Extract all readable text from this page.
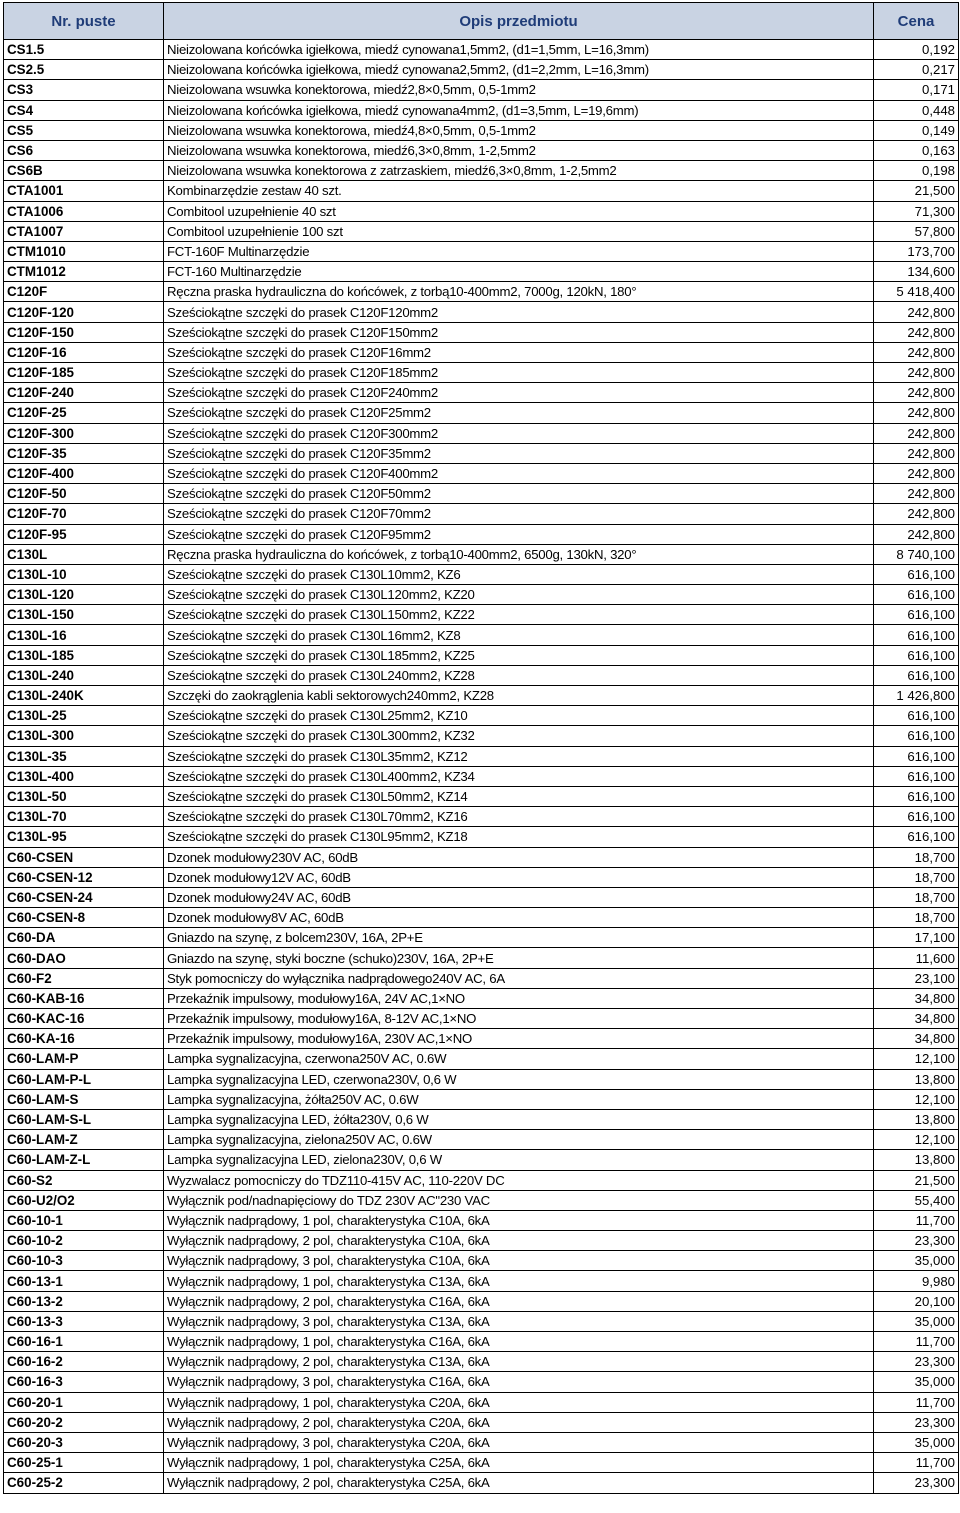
Nr. puste	Opis przedmiotu	Cena
CS1.5	Nieizolowana końcówka igiełkowa, miedź cynowana1,5mm2, (d1=1,5mm, L=16,3mm)	0,192
CS2.5	Nieizolowana końcówka igiełkowa, miedź cynowana2,5mm2, (d1=2,2mm, L=16,3mm)	0,217
CS3	Nieizolowana wsuwka konektorowa, miedź2,8×0,5mm, 0,5-1mm2	0,171
CS4	Nieizolowana końcówka igiełkowa, miedź cynowana4mm2, (d1=3,5mm, L=19,6mm)	0,448
CS5	Nieizolowana wsuwka konektorowa, miedź4,8×0,5mm, 0,5-1mm2	0,149
CS6	Nieizolowana wsuwka konektorowa, miedź6,3×0,8mm, 1-2,5mm2	0,163
CS6B	Nieizolowana wsuwka konektorowa z zatrzaskiem, miedź6,3×0,8mm, 1-2,5mm2	0,198
CTA1001	Kombinarzędzie zestaw 40 szt.	21,500
CTA1006	Combitool uzupełnienie 40 szt	71,300
CTA1007	Combitool uzupełnienie 100 szt	57,800
CTM1010	FCT-160F Multinarzędzie	173,700
CTM1012	FCT-160 Multinarzędzie	134,600
C120F	Ręczna praska hydrauliczna do końcówek, z torbą10-400mm2, 7000g, 120kN, 180°	5 418,400
C120F-120	Sześciokątne szczęki do prasek C120F120mm2	242,800
C120F-150	Sześciokątne szczęki do prasek C120F150mm2	242,800
C120F-16	Sześciokątne szczęki do prasek C120F16mm2	242,800
C120F-185	Sześciokątne szczęki do prasek C120F185mm2	242,800
C120F-240	Sześciokątne szczęki do prasek C120F240mm2	242,800
C120F-25	Sześciokątne szczęki do prasek C120F25mm2	242,800
C120F-300	Sześciokątne szczęki do prasek C120F300mm2	242,800
C120F-35	Sześciokątne szczęki do prasek C120F35mm2	242,800
C120F-400	Sześciokątne szczęki do prasek C120F400mm2	242,800
C120F-50	Sześciokątne szczęki do prasek C120F50mm2	242,800
C120F-70	Sześciokątne szczęki do prasek C120F70mm2	242,800
C120F-95	Sześciokątne szczęki do prasek C120F95mm2	242,800
C130L	Ręczna praska hydrauliczna do końcówek, z torbą10-400mm2, 6500g, 130kN, 320°	8 740,100
C130L-10	Sześciokątne szczęki do prasek C130L10mm2, KZ6	616,100
C130L-120	Sześciokątne szczęki do prasek C130L120mm2, KZ20	616,100
C130L-150	Sześciokątne szczęki do prasek C130L150mm2, KZ22	616,100
C130L-16	Sześciokątne szczęki do prasek C130L16mm2, KZ8	616,100
C130L-185	Sześciokątne szczęki do prasek C130L185mm2, KZ25	616,100
C130L-240	Sześciokątne szczęki do prasek C130L240mm2, KZ28	616,100
C130L-240K	Szczęki do zaokrąglenia kabli sektorowych240mm2, KZ28	1 426,800
C130L-25	Sześciokątne szczęki do prasek C130L25mm2, KZ10	616,100
C130L-300	Sześciokątne szczęki do prasek C130L300mm2, KZ32	616,100
C130L-35	Sześciokątne szczęki do prasek C130L35mm2, KZ12	616,100
C130L-400	Sześciokątne szczęki do prasek C130L400mm2, KZ34	616,100
C130L-50	Sześciokątne szczęki do prasek C130L50mm2, KZ14	616,100
C130L-70	Sześciokątne szczęki do prasek C130L70mm2, KZ16	616,100
C130L-95	Sześciokątne szczęki do prasek C130L95mm2, KZ18	616,100
C60-CSEN	Dzonek modułowy230V AC, 60dB	18,700
C60-CSEN-12	Dzonek modułowy12V AC, 60dB	18,700
C60-CSEN-24	Dzonek modułowy24V AC, 60dB	18,700
C60-CSEN-8	Dzonek modułowy8V AC, 60dB	18,700
C60-DA	Gniazdo na szynę, z bolcem230V, 16A, 2P+E	17,100
C60-DAO	Gniazdo na szynę, styki boczne (schuko)230V, 16A, 2P+E	11,600
C60-F2	Styk pomocniczy do wyłącznika nadprądowego240V AC, 6A	23,100
C60-KAB-16	Przekaźnik impulsowy, modułowy16A, 24V AC,1×NO	34,800
C60-KAC-16	Przekaźnik impulsowy, modułowy16A, 8-12V AC,1×NO	34,800
C60-KA-16	Przekaźnik impulsowy, modułowy16A, 230V AC,1×NO	34,800
C60-LAM-P	Lampka sygnalizacyjna, czerwona250V AC, 0.6W	12,100
C60-LAM-P-L	Lampka sygnalizacyjna LED, czerwona230V, 0,6 W	13,800
C60-LAM-S	Lampka sygnalizacyjna, żółta250V AC, 0.6W	12,100
C60-LAM-S-L	Lampka sygnalizacyjna LED, żółta230V, 0,6 W	13,800
C60-LAM-Z	Lampka sygnalizacyjna, zielona250V AC, 0.6W	12,100
C60-LAM-Z-L	Lampka sygnalizacyjna LED, zielona230V, 0,6 W	13,800
C60-S2	Wyzwalacz pomocniczy do TDZ110-415V AC, 110-220V DC	21,500
C60-U2/O2	Wyłącznik pod/nadnapięciowy do TDZ 230V AC"230 VAC	55,400
C60-10-1	Wyłącznik nadprądowy, 1 pol, charakterystyka C10A, 6kA	11,700
C60-10-2	Wyłącznik nadprądowy, 2 pol, charakterystyka C10A, 6kA	23,300
C60-10-3	Wyłącznik nadprądowy, 3 pol, charakterystyka C10A, 6kA	35,000
C60-13-1	Wyłącznik nadprądowy, 1 pol, charakterystyka C13A, 6kA	9,980
C60-13-2	Wyłącznik nadprądowy, 2 pol, charakterystyka C16A, 6kA	20,100
C60-13-3	Wyłącznik nadprądowy, 3 pol, charakterystyka C13A, 6kA	35,000
C60-16-1	Wyłącznik nadprądowy, 1 pol, charakterystyka C16A, 6kA	11,700
C60-16-2	Wyłącznik nadprądowy, 2 pol, charakterystyka C13A, 6kA	23,300
C60-16-3	Wyłącznik nadprądowy, 3 pol, charakterystyka C16A, 6kA	35,000
C60-20-1	Wyłącznik nadprądowy, 1 pol, charakterystyka C20A, 6kA	11,700
C60-20-2	Wyłącznik nadprądowy, 2 pol, charakterystyka C20A, 6kA	23,300
C60-20-3	Wyłącznik nadprądowy, 3 pol, charakterystyka C20A, 6kA	35,000
C60-25-1	Wyłącznik nadprądowy, 1 pol, charakterystyka C25A, 6kA	11,700
C60-25-2	Wyłącznik nadprądowy, 2 pol, charakterystyka C25A, 6kA	23,300
